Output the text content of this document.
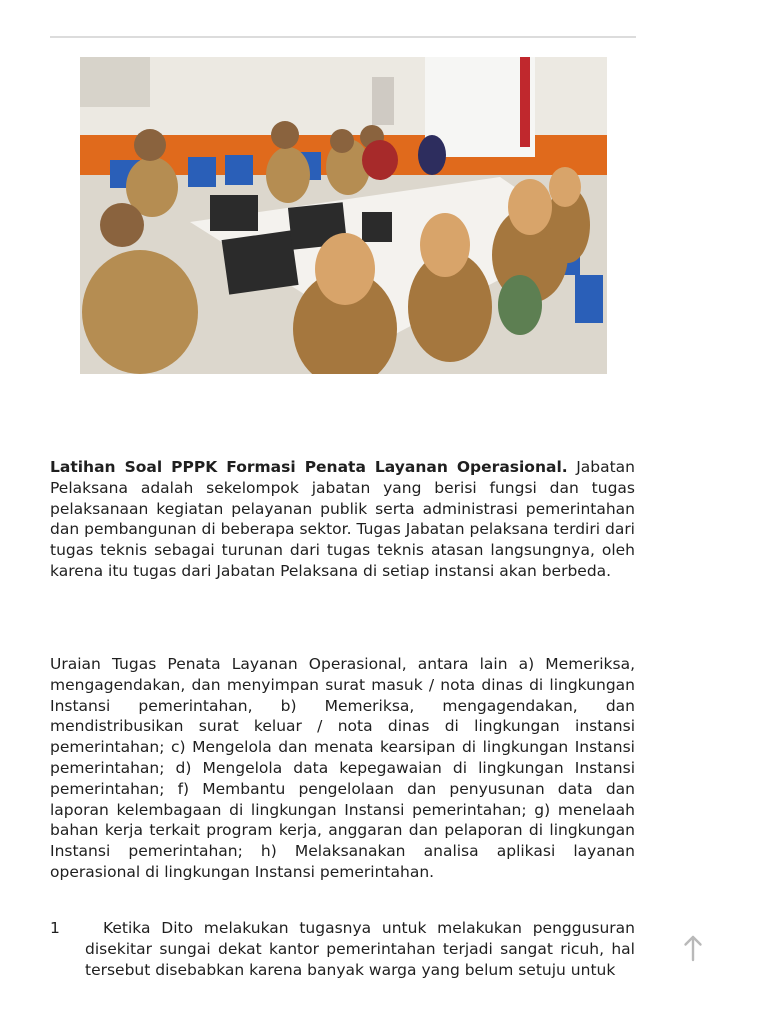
Latihan Soal PPPK Formasi Penata Layanan Operasional. Jabatan Pelaksana adalah sekelompok jabatan yang berisi fungsi dan tugas pelaksanaan kegiatan pelayanan publik serta administrasi pemerintahan dan pembangunan di beberapa sektor. Tugas Jabatan pelaksana terdiri dari tugas teknis sebagai turunan dari tugas teknis atasan langsungnya, oleh karena itu tugas dari Jabatan Pelaksana di setiap instansi akan berbeda.
Uraian Tugas Penata Layanan Operasional, antara lain a) Memeriksa, mengagendakan, dan menyimpan surat masuk / nota dinas di lingkungan Instansi pemerintahan, b) Memeriksa, mengagendakan, dan mendistribusikan surat keluar / nota dinas di lingkungan instansi pemerintahan; c) Mengelola dan menata kearsipan di lingkungan Instansi pemerintahan; d) Mengelola data kepegawaian di lingkungan Instansi pemerintahan; f) Membantu pengelolaan dan penyusunan data dan laporan kelembagaan di lingkungan Instansi pemerintahan; g) menelaah bahan kerja terkait program kerja, anggaran dan pelaporan di lingkungan Instansi pemerintahan; h) Melaksanakan analisa aplikasi layanan operasional di lingkungan Instansi pemerintahan.
1	Ketika Dito melakukan tugasnya untuk melakukan penggusuran disekitar sungai dekat kantor pemerintahan terjadi sangat ricuh, hal tersebut disebabkan karena banyak warga yang belum setuju untuk
